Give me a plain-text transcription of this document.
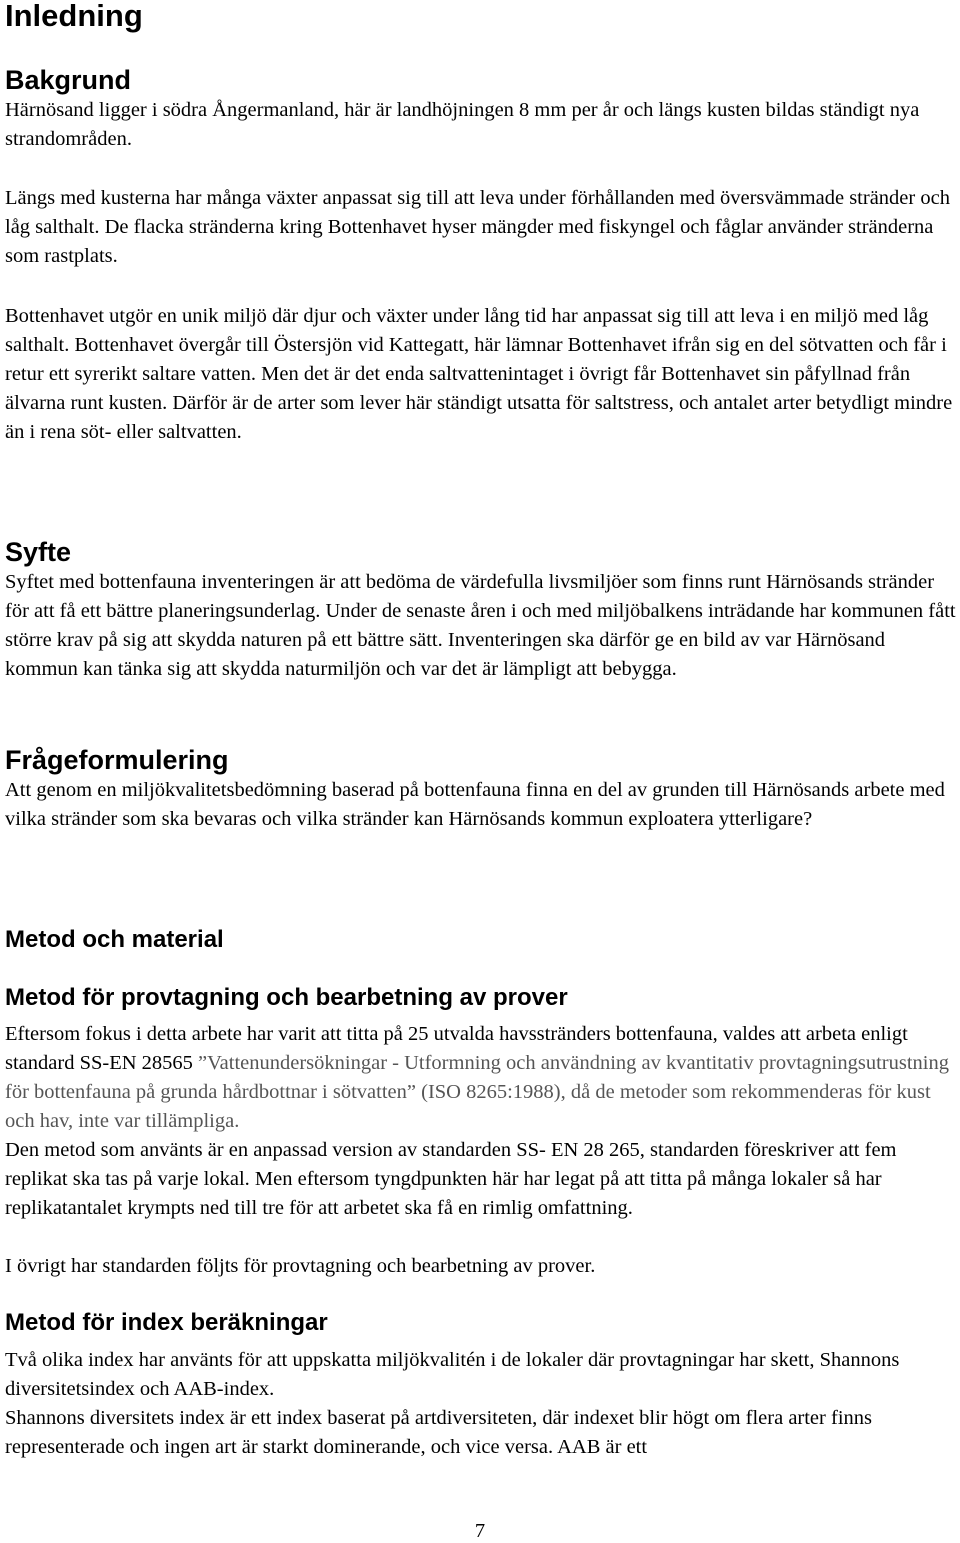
Inledning
Bakgrund

Härnösand ligger i södra Ångermanland, här är landhöjningen 8 mm per år och längs kusten bildas ständigt nya strandområden.

Längs med kusterna har många växter anpassat sig till att leva under förhållanden med översvämmade stränder och låg salthalt. De flacka stränderna kring Bottenhavet hyser mängder med fiskyngel och fåglar använder stränderna som rastplats.

Bottenhavet utgör en unik miljö där djur och växter under lång tid har anpassat sig till att leva i en miljö med låg salthalt. Bottenhavet övergår till Östersjön vid Kattegatt, här lämnar Bottenhavet ifrån sig en del sötvatten och får i retur ett syrerikt saltare vatten. Men det är det enda saltvattenintaget i övrigt får Bottenhavet sin påfyllnad från älvarna runt kusten. Därför är de arter som lever här ständigt utsatta för saltstress, och antalet arter betydligt mindre än i rena söt- eller saltvatten.

Syfte

Syftet med bottenfauna inventeringen är att bedöma de värdefulla livsmiljöer som finns runt Härnösands stränder för att få ett bättre planeringsunderlag. Under de senaste åren i och med miljöbalkens inträdande har kommunen fått större krav på sig att skydda naturen på ett bättre sätt. Inventeringen ska därför ge en bild av var Härnösand kommun kan tänka sig att skydda naturmiljön och var det är lämpligt att bebygga.

Frågeformulering

Att genom en miljökvalitetsbedömning baserad på bottenfauna finna en del av grunden till Härnösands arbete med vilka stränder som ska bevaras och vilka stränder kan Härnösands kommun exploatera ytterligare?

Metod och material
Metod för provtagning och bearbetning av prover

Eftersom fokus i detta arbete har varit att titta på 25 utvalda havsstränders bottenfauna, valdes att arbeta enligt standard SS-EN 28565 ”Vattenundersökningar - Utformning och användning av kvantitativ provtagningsutrustning för bottenfauna på grunda hårdbottnar i sötvatten” (ISO 8265:1988), då de metoder som rekommenderas för kust och hav, inte var tillämpliga.

Den metod som använts är en anpassad version av standarden SS- EN 28 265, standarden föreskriver att fem replikat ska tas på varje lokal. Men eftersom tyngdpunkten här har legat på att titta på många lokaler så har replikatantalet krympts ned till tre för att arbetet ska få en rimlig omfattning.

I övrigt har standarden följts för provtagning och bearbetning av prover.

Metod för index beräkningar

Två olika index har använts för att uppskatta miljökvalitén i de lokaler där provtagningar har skett, Shannons diversitetsindex och AAB-index.

Shannons diversitets index är ett index baserat på artdiversiteten, där indexet blir högt om flera arter finns representerade och ingen art är starkt dominerande, och vice versa. AAB är ett

7
